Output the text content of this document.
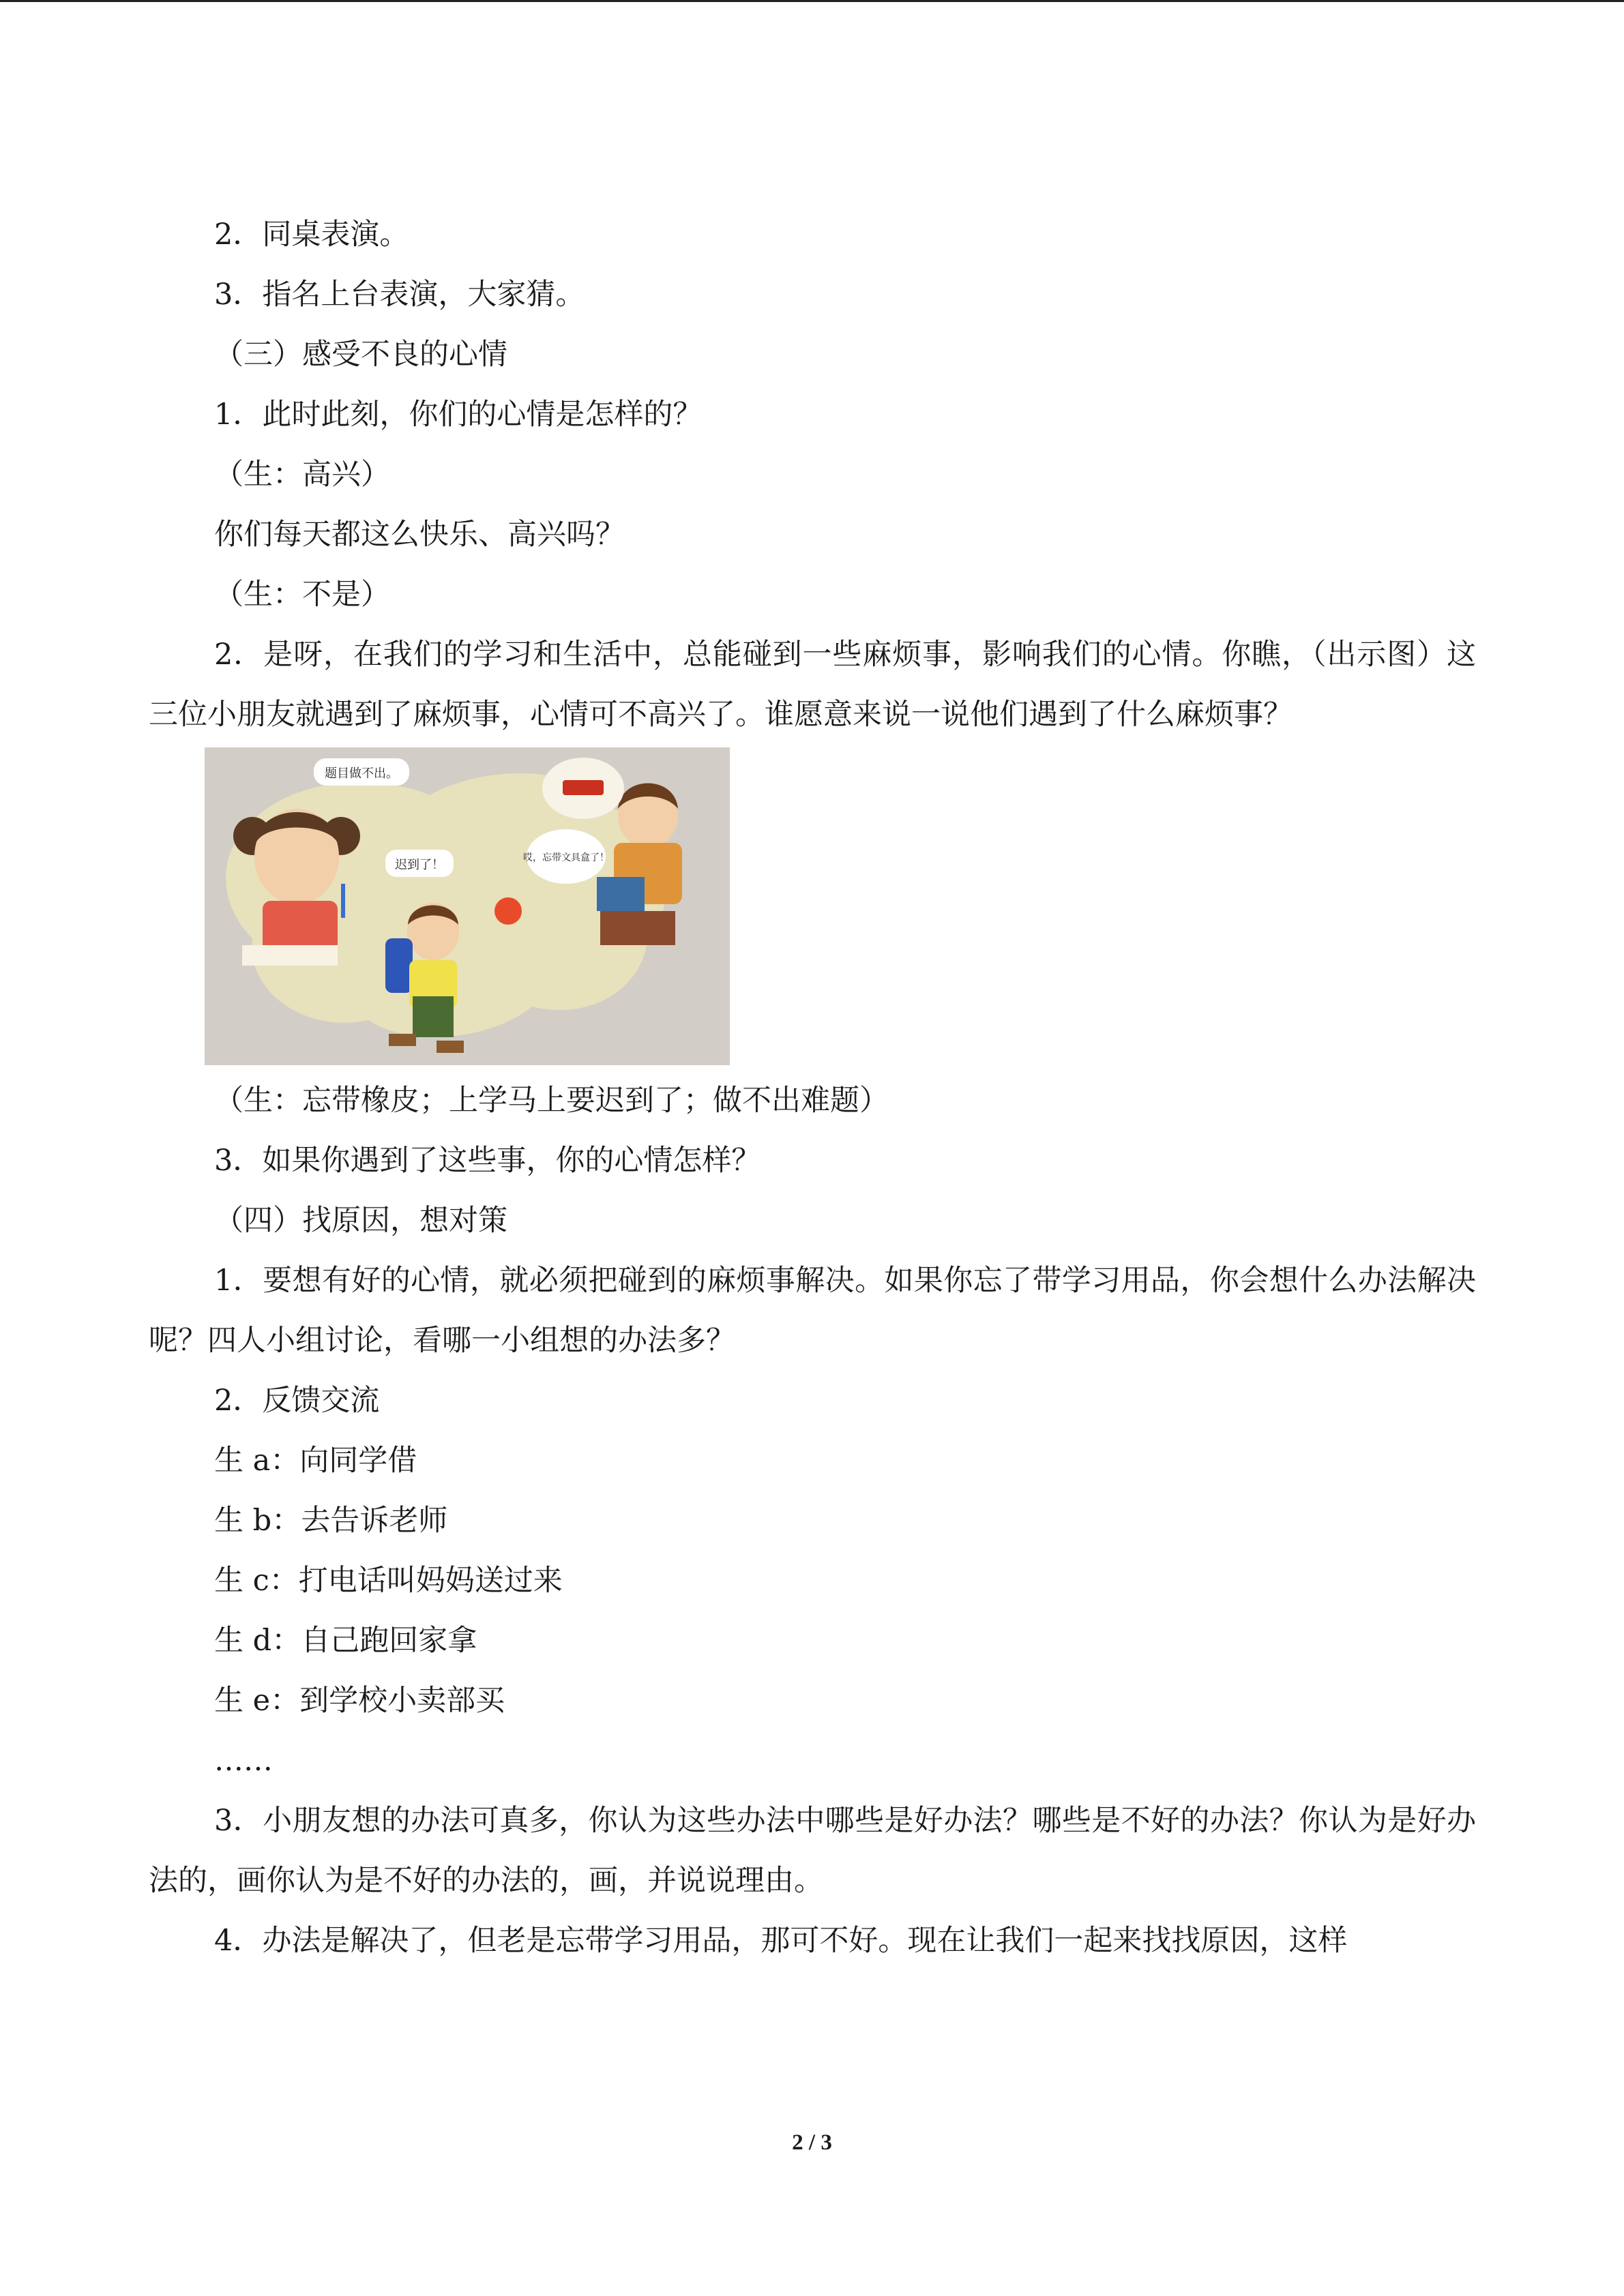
2．同桌表演。
3．指名上台表演，大家猜。
（三）感受不良的心情
1．此时此刻，你们的心情是怎样的？
（生：高兴）
你们每天都这么快乐、高兴吗？
（生：不是）
2．是呀，在我们的学习和生活中，总能碰到一些麻烦事，影响我们的心情。你瞧，（出示图）这三位小朋友就遇到了麻烦事，心情可不高兴了。谁愿意来说一说他们遇到了什么麻烦事？
题目做不出。
迟到了！	哎，忘带文具盒了！
（生：忘带橡皮；上学马上要迟到了；做不出难题）
3．如果你遇到了这些事，你的心情怎样？
（四）找原因，想对策
1．要想有好的心情，就必须把碰到的麻烦事解决。如果你忘了带学习用品，你会想什么办法解决呢？四人小组讨论，看哪一小组想的办法多？
2．反馈交流
生 a：向同学借
生 b：去告诉老师
生 c：打电话叫妈妈送过来
生 d：自己跑回家拿
生 e：到学校小卖部买
……
3．小朋友想的办法可真多，你认为这些办法中哪些是好办法？哪些是不好的办法？你认为是好办法的，画你认为是不好的办法的，画，并说说理由。
4．办法是解决了，但老是忘带学习用品，那可不好。现在让我们一起来找找原因，这样
2 / 3
